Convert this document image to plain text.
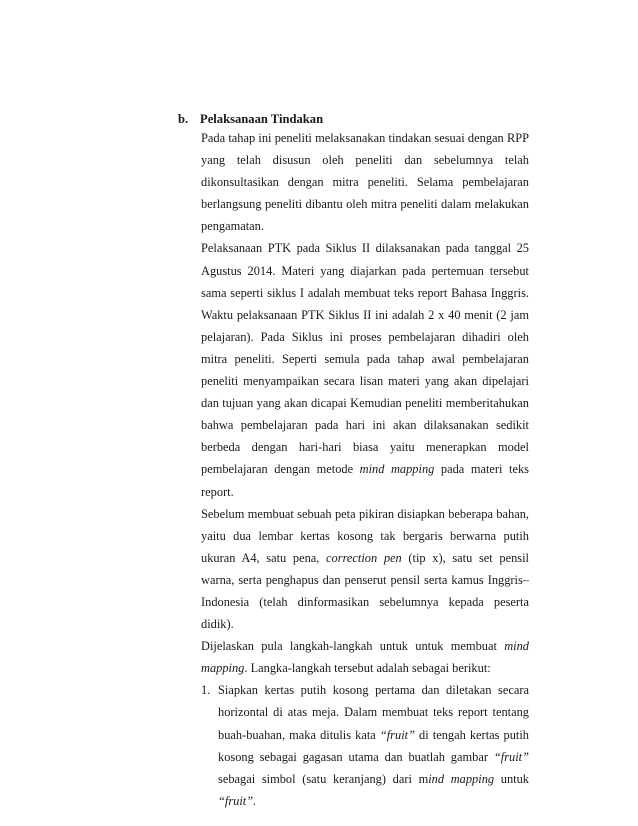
b. Pelaksanaan Tindakan

Pada tahap ini peneliti melaksanakan tindakan sesuai dengan RPP yang telah disusun oleh peneliti dan sebelumnya telah dikonsultasikan dengan mitra peneliti. Selama pembelajaran berlangsung peneliti dibantu oleh mitra peneliti dalam melakukan pengamatan.

Pelaksanaan PTK pada Siklus II dilaksanakan pada tanggal 25 Agustus 2014. Materi yang diajarkan pada pertemuan tersebut sama seperti siklus I adalah membuat teks report Bahasa Inggris. Waktu pelaksanaan PTK Siklus II ini adalah 2 x 40 menit (2 jam pelajaran). Pada Siklus ini proses pembelajaran dihadiri oleh mitra peneliti. Seperti semula pada tahap awal pembelajaran peneliti menyampaikan secara lisan materi yang akan dipelajari dan tujuan yang akan dicapai Kemudian peneliti memberitahukan bahwa pembelajaran pada hari ini akan dilaksanakan sedikit berbeda dengan hari-hari biasa yaitu menerapkan model pembelajaran dengan metode mind mapping pada materi teks report.

Sebelum membuat sebuah peta pikiran disiapkan beberapa bahan, yaitu dua lembar kertas kosong tak bergaris berwarna putih ukuran A4, satu pena, correction pen (tip x), satu set pensil warna, serta penghapus dan penserut pensil serta kamus Inggris–Indonesia (telah dinformasikan sebelumnya kepada peserta didik).

Dijelaskan pula langkah-langkah untuk untuk membuat mind mapping. Langka-langkah tersebut adalah sebagai berikut:

1. Siapkan kertas putih kosong pertama dan diletakan secara horizontal di atas meja. Dalam membuat teks report tentang buah-buahan, maka ditulis kata “fruit” di tengah kertas putih kosong sebagai gagasan utama dan buatlah gambar “fruit” sebagai simbol (satu keranjang) dari mind mapping untuk “fruit”.
